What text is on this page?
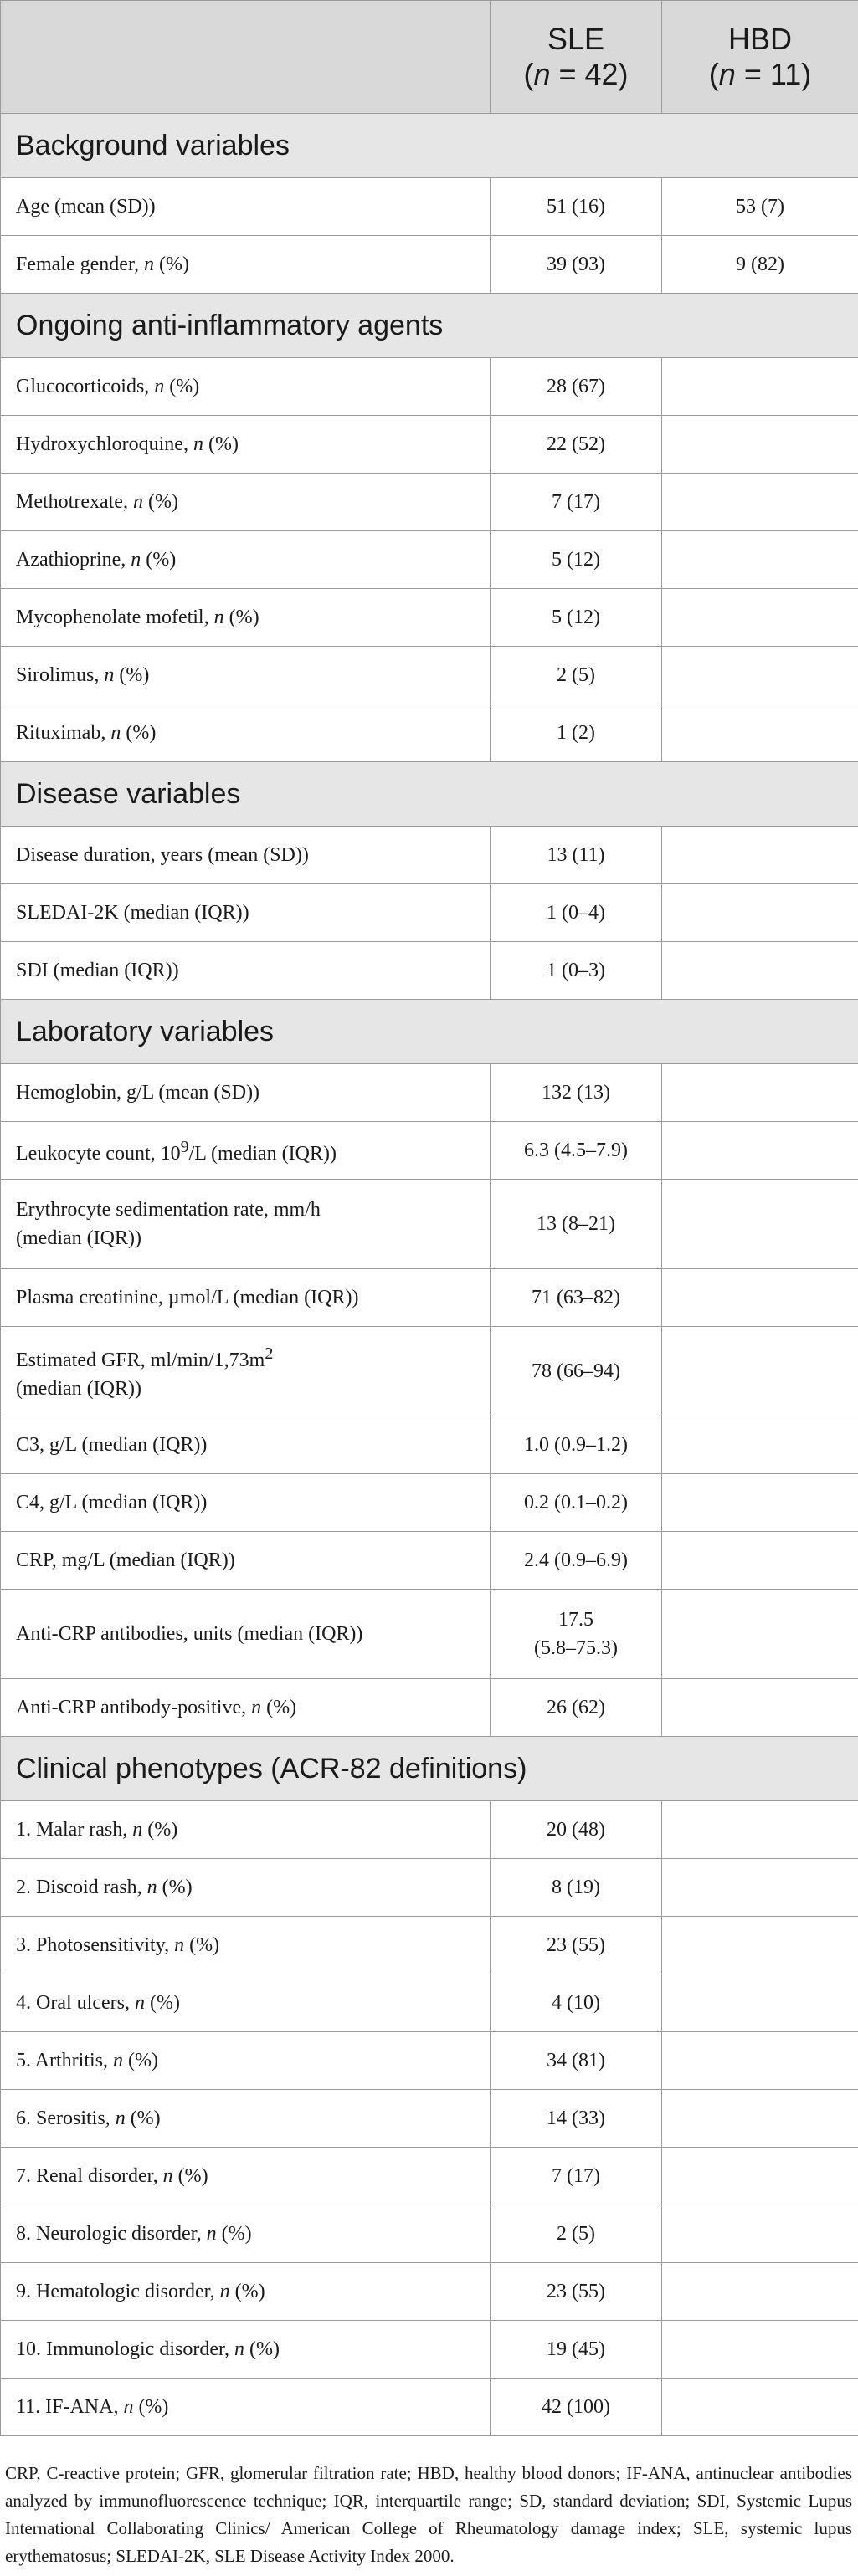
	SLE
(n = 42)	HBD
(n = 11)
Background variables		
Age (mean (SD))	51 (16)	53 (7)
Female gender, n (%)	39 (93)	9 (82)
Ongoing anti-inflammatory agents		
Glucocorticoids, n (%)	28 (67)	
Hydroxychloroquine, n (%)	22 (52)	
Methotrexate, n (%)	7 (17)	
Azathioprine, n (%)	5 (12)	
Mycophenolate mofetil, n (%)	5 (12)	
Sirolimus, n (%)	2 (5)	
Rituximab, n (%)	1 (2)	
Disease variables		
Disease duration, years (mean (SD))	13 (11)	
SLEDAI-2K (median (IQR))	1 (0–4)	
SDI (median (IQR))	1 (0–3)	
Laboratory variables		
Hemoglobin, g/L (mean (SD))	132 (13)	
Leukocyte count, $10^9/L$ (median (IQR))	6.3 (4.5–7.9)	
Erythrocyte sedimentation rate, mm/h
(median (IQR))	13 (8–21)	
Plasma creatinine, µmol/L (median (IQR))	71 (63–82)	
Estimated GFR, $ml/\min/1,73m^2$
(median (IQR))	78 (66–94)	
C3, g/L (median (IQR))	1.0 (0.9–1.2)	
C4, g/L (median (IQR))	0.2 (0.1–0.2)	
CRP, mg/L (median (IQR))	2.4 (0.9–6.9)	
Anti-CRP antibodies, units (median (IQR))	17.5
(5.8–75.3)	
Anti-CRP antibody-positive, n (%)	26 (62)	
Clinical phenotypes (ACR-82 definitions)		
1. Malar rash, n (%)	20 (48)	
2. Discoid rash, n (%)	8 (19)	
3. Photosensitivity, n (%)	23 (55)	
4. Oral ulcers, n (%)	4 (10)	
5. Arthritis, n (%)	34 (81)	
6. Serositis, n (%)	14 (33)	
7. Renal disorder, n (%)	7 (17)	
8. Neurologic disorder, n (%)	2 (5)	
9. Hematologic disorder, n (%)	23 (55)	
10. Immunologic disorder, n (%)	19 (45)	
11. IF-ANA, n (%)	42 (100)	
CRP, C-reactive protein; GFR, glomerular filtration rate; HBD, healthy blood donors; IF-ANA, antinuclear antibodies analyzed by immunofluorescence technique; IQR, interquartile range; SD, standard deviation; SDI, Systemic Lupus International Collaborating Clinics/ American College of Rheumatology damage index; SLE, systemic lupus erythematosus; SLEDAI-2K, SLE Disease Activity Index 2000.
